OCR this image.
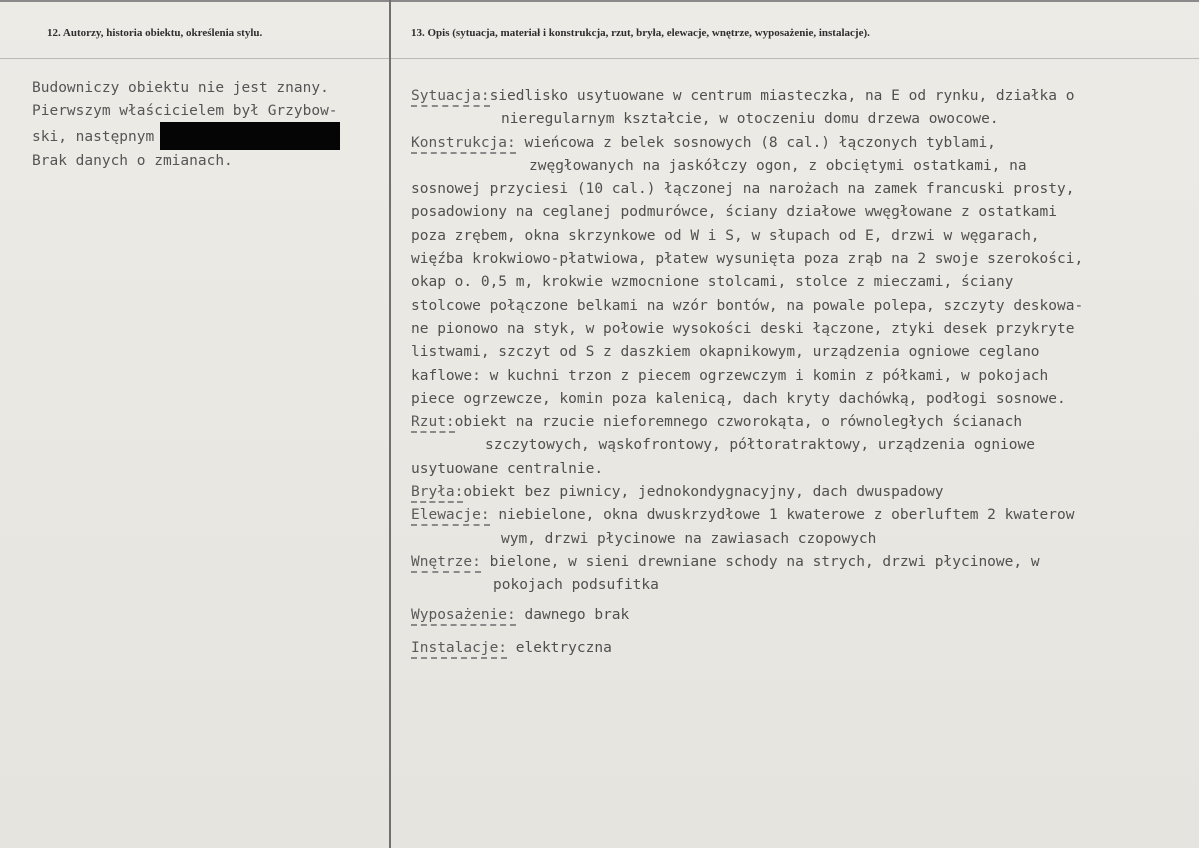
12. Autorzy, historia obiektu, określenia stylu.	13. Opis (sytuacja, materiał i konstrukcja, rzut, bryła, elewacje, wnętrze, wyposażenie, instalacje).

Budowniczy obiektu nie jest znany.

Pierwszym właścicielem był Grzybow-

ski, następnym

Brak danych o zmianach.

Sytuacja:siedlisko usytuowane w centrum miasteczka, na E od rynku, działka o
nieregularnym kształcie, w otoczeniu domu drzewa owocowe.
Konstrukcja: wieńcowa z belek sosnowych (8 cal.) łączonych tyblami,
zwęgłowanych na jaskółczy ogon, z obciętymi ostatkami, na
sosnowej przyciesi (10 cal.) łączonej na narożach na zamek francuski prosty,
posadowiony na ceglanej podmurówce, ściany działowe wwęgłowane z ostatkami
poza zrębem, okna skrzynkowe od W i S, w słupach od E, drzwi w węgarach,
więźba krokwiowo-płatwiowa, płatew wysunięta poza zrąb na 2 swoje szerokości,
okap o. 0,5 m, krokwie wzmocnione stolcami, stolce z mieczami, ściany
stolcowe połączone belkami na wzór bontów, na powale polepa, szczyty deskowa-
ne pionowo na styk, w połowie wysokości deski łączone, ztyki desek przykryte
listwami, szczyt od S z daszkiem okapnikowym, urządzenia ogniowe ceglano
kaflowe: w kuchni trzon z piecem ogrzewczym i komin z półkami, w pokojach
piece ogrzewcze, komin poza kalenicą, dach kryty dachówką, podłogi sosnowe.
Rzut:obiekt na rzucie nieforemnego czworokąta, o równoległych ścianach
szczytowych, wąskofrontowy, półtoratraktowy, urządzenia ogniowe
usytuowane centralnie.
Bryła:obiekt bez piwnicy, jednokondygnacyjny, dach dwuspadowy
Elewacje: niebielone, okna dwuskrzydłowe 1 kwaterowe z oberluftem 2 kwaterow
wym, drzwi płycinowe na zawiasach czopowych
Wnętrze: bielone, w sieni drewniane schody na strych, drzwi płycinowe, w
pokojach podsufitka
Wyposażenie: dawnego brak
Instalacje: elektryczna
